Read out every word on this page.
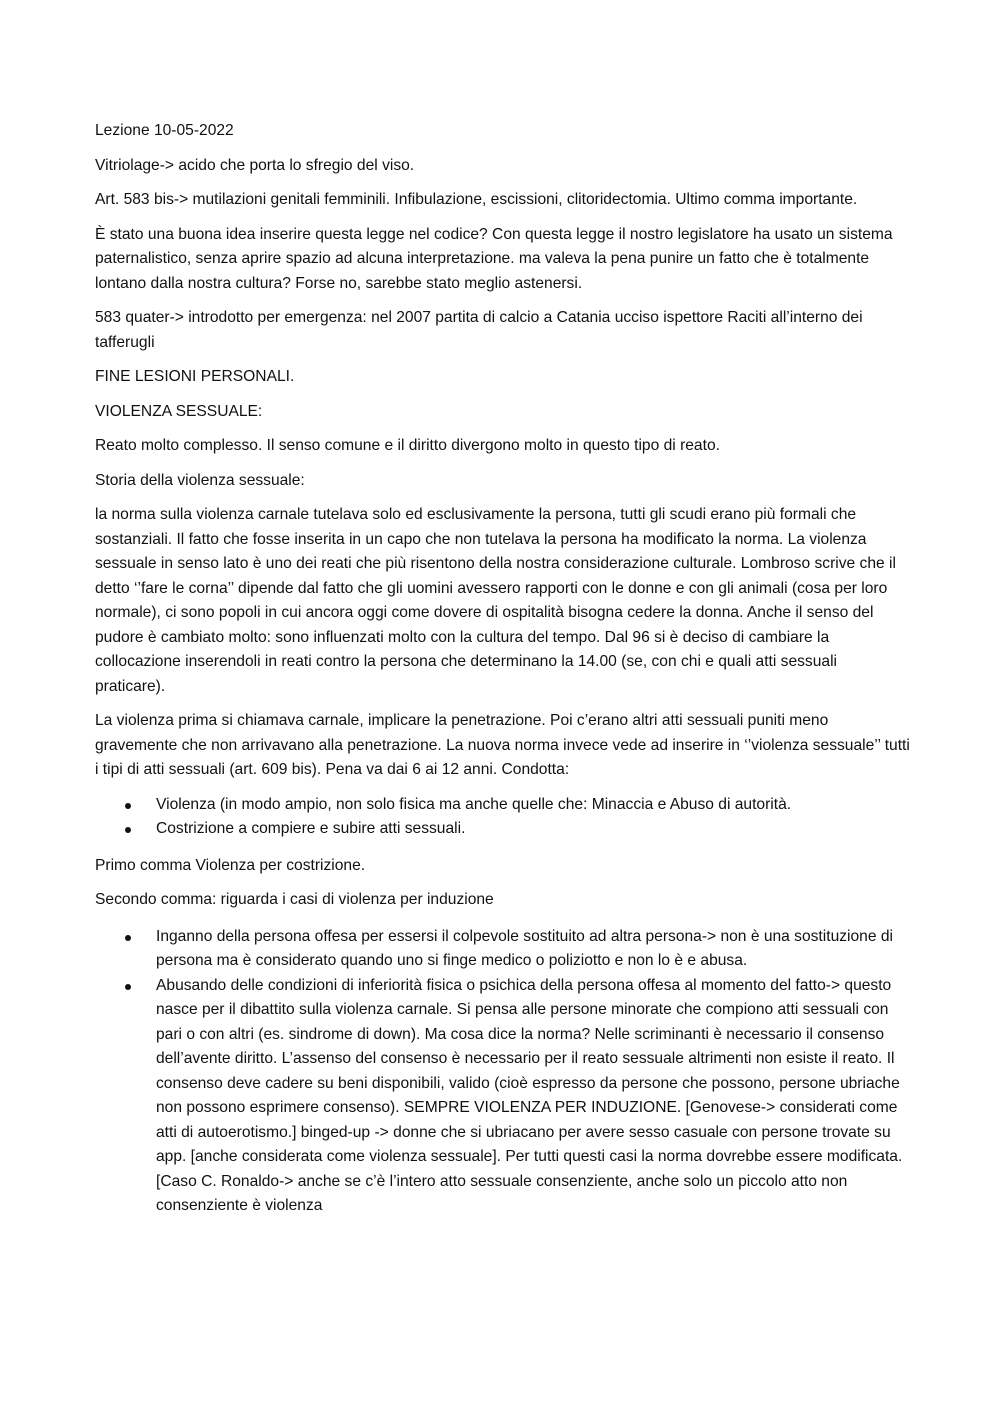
Lezione 10-05-2022

Vitriolage-> acido che porta lo sfregio del viso.

Art. 583 bis-> mutilazioni genitali femminili. Infibulazione, escissioni, clitoridectomia. Ultimo comma importante.

È stato una buona idea inserire questa legge nel codice? Con questa legge il nostro legislatore ha usato un sistema paternalistico, senza aprire spazio ad alcuna interpretazione. ma valeva la pena punire un fatto che è totalmente lontano dalla nostra cultura? Forse no, sarebbe stato meglio astenersi.

583 quater-> introdotto per emergenza: nel 2007 partita di calcio a Catania ucciso ispettore Raciti all’interno dei tafferugli

FINE LESIONI PERSONALI.

VIOLENZA SESSUALE:

Reato molto complesso. Il senso comune e il diritto divergono molto in questo tipo di reato.

Storia della violenza sessuale:

la norma sulla violenza carnale tutelava solo ed esclusivamente la persona, tutti gli scudi erano più formali che sostanziali. Il fatto che fosse inserita in un capo che non tutelava la persona ha modificato la norma. La violenza sessuale in senso lato è uno dei reati che più risentono della nostra considerazione culturale. Lombroso scrive che il detto ‘’fare le corna’’ dipende dal fatto che gli uomini avessero rapporti con le donne e con gli animali (cosa per loro normale), ci sono popoli in cui ancora oggi come dovere di ospitalità bisogna cedere la donna. Anche il senso del pudore è cambiato molto: sono influenzati molto con la cultura del tempo. Dal 96 si è deciso di cambiare la collocazione inserendoli in reati contro la persona che determinano la 14.00 (se, con chi e quali atti sessuali praticare).

La violenza prima si chiamava carnale, implicare la penetrazione. Poi c’erano altri atti sessuali puniti meno gravemente che non arrivavano alla penetrazione. La nuova norma invece vede ad inserire in ‘’violenza sessuale’’ tutti i tipi di atti sessuali (art. 609 bis). Pena va dai 6 ai 12 anni. Condotta:

Violenza (in modo ampio, non solo fisica ma anche quelle che: Minaccia e Abuso di autorità.
Costrizione a compiere e subire atti sessuali.

Primo comma Violenza per costrizione.

Secondo comma: riguarda i casi di violenza per induzione

Inganno della persona offesa per essersi il colpevole sostituito ad altra persona-> non è una sostituzione di persona ma è considerato quando uno si finge medico o poliziotto e non lo è e abusa.
Abusando delle condizioni di inferiorità fisica o psichica della persona offesa al momento del fatto-> questo nasce per il dibattito sulla violenza carnale. Si pensa alle persone minorate che compiono atti sessuali con pari o con altri (es. sindrome di down). Ma cosa dice la norma? Nelle scriminanti è necessario il consenso dell’avente diritto. L’assenso del consenso è necessario per il reato sessuale altrimenti non esiste il reato. Il consenso deve cadere su beni disponibili, valido (cioè espresso da persone che possono, persone ubriache non possono esprimere consenso). SEMPRE VIOLENZA PER INDUZIONE. [Genovese-> considerati come atti di autoerotismo.] binged-up -> donne che si ubriacano per avere sesso casuale con persone trovate su app. [anche considerata come violenza sessuale]. Per tutti questi casi la norma dovrebbe essere modificata. [Caso C. Ronaldo-> anche se c’è l’intero atto sessuale consenziente, anche solo un piccolo atto non consenziente è violenza
